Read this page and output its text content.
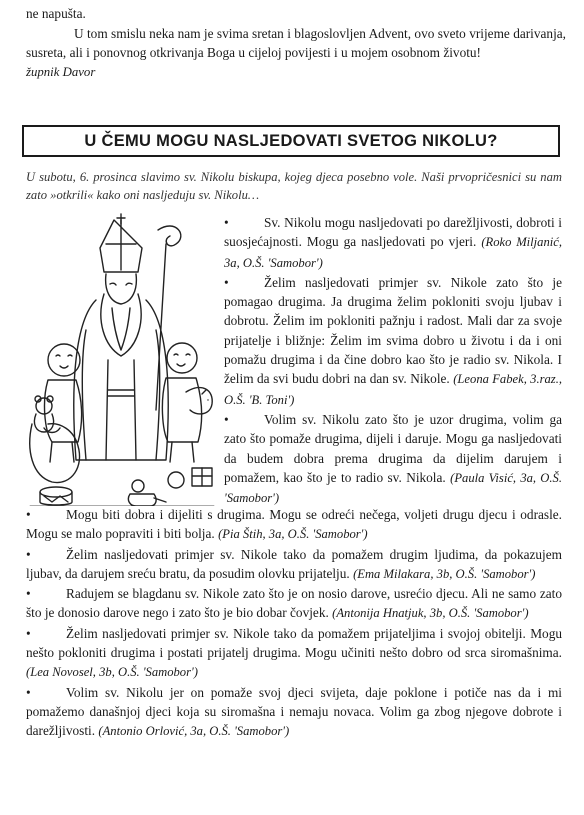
ne napušta.

U tom smislu neka nam je svima sretan i blagoslovljen Advent, ovo sveto vrijeme darivanja, susreta, ali i ponovnog otkrivanja Boga u cijeloj povijesti i u mojem osobnom životu!

župnik Davor

U ČEMU MOGU NASLJEDOVATI SVETOG NIKOLU?
U subotu, 6. prosinca slavimo sv. Nikolu biskupa, kojeg djeca posebno vole. Naši prvopričesnici su nam zato »otkrili« kako oni nasljeduju sv. Nikolu…

•	Sv. Nikolu mogu nasljedovati po darežljivosti, dobroti i suosjećajnosti. Mogu ga nasljedovati po vjeri. (Roko Miljanić, 3a, O.Š. 'Samobor')

•	Želim nasljedovati primjer sv. Nikole zato što je pomagao drugima. Ja drugima želim pokloniti svoju ljubav i dobrotu. Želim im pokloniti pažnju i radost. Mali dar za svoje prijatelje i bližnje: Želim im svima dobro u životu i da i oni pomažu drugima i da čine dobro kao što je radio sv. Nikola. I želim da svi budu dobri na dan sv. Nikole. (Leona Fabek, 3.raz., O.Š. 'B. Toni')

•	Volim sv. Nikolu zato što je uzor drugima, volim ga zato što pomaže drugima, dijeli i daruje. Mogu ga nasljedovati da budem dobra prema drugima da dijelim darujem i pomažem, kao što je to radio sv. Nikola. (Paula Visić, 3a, O.Š. 'Samobor')

•	Mogu biti dobra i dijeliti s drugima. Mogu se odreći nečega, voljeti drugu djecu i odrasle. Mogu se malo popraviti i biti bolja. (Pia Štih, 3a, O.Š. 'Samobor')

•	Želim nasljedovati primjer sv. Nikole tako da pomažem drugim ljudima, da pokazujem ljubav, da darujem sreću bratu, da posudim olovku prijatelju. (Ema Milakara, 3b, O.Š. 'Samobor')

•	Radujem se blagdanu sv. Nikole zato što je on nosio darove, usrećio djecu. Ali ne samo zato što je donosio darove nego i zato što je bio dobar čovjek. (Antonija Hnatjuk, 3b, O.Š. 'Samobor')

•	Želim nasljedovati primjer sv. Nikole tako da pomažem prijateljima i svojoj obitelji. Mogu nešto pokloniti drugima i postati prijatelj drugima. Mogu učiniti nešto dobro od srca siromašnima. (Lea Novosel, 3b, O.Š. 'Samobor')

•	Volim sv. Nikolu jer on pomaže svoj djeci svijeta, daje poklone i potiče nas da i mi pomažemo današnjoj djeci koja su siromašna i nemaju novaca. Volim ga zbog njegove dobrote i darežljivosti. (Antonio Orlović, 3a, O.Š. 'Samobor')
